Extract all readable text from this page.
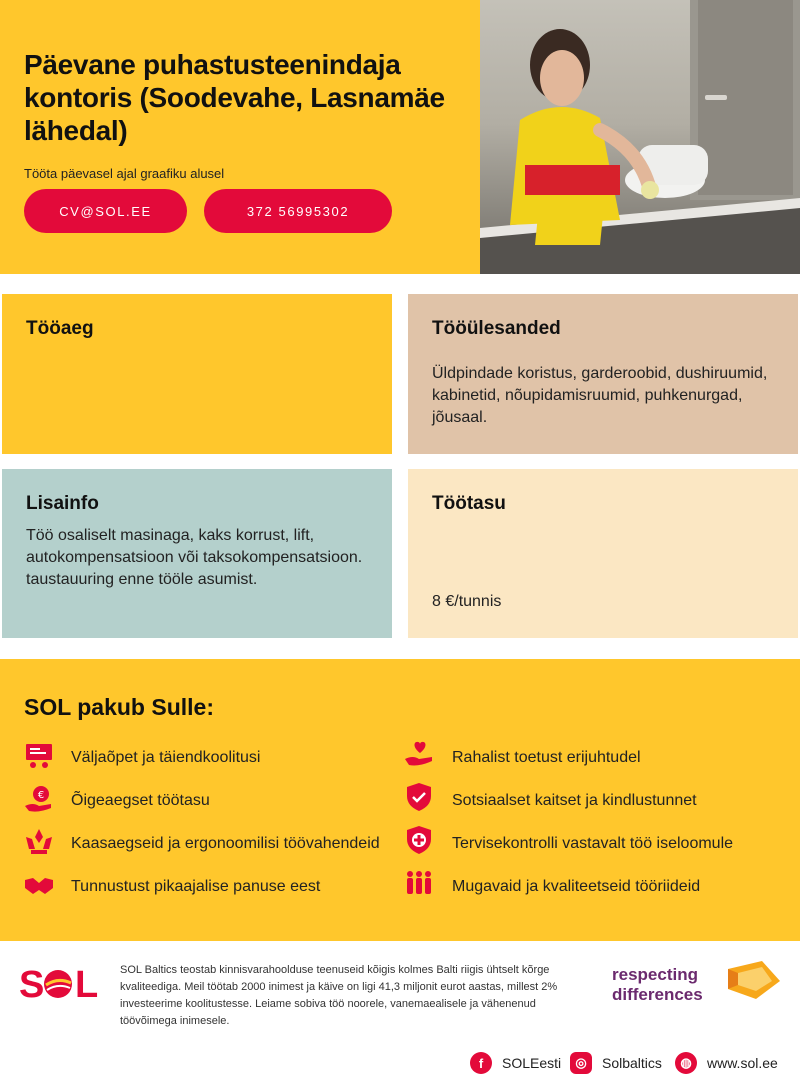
Päevane puhastusteenindaja kontoris (Soodevahe, Lasnamäe lähedal)
Tööta päevasel ajal graafiku alusel
CV@SOL.EE	372 56995302
Tööaeg	Tööülesanded

Üldpindade koristus, garderoobid, dushiruumid, kabinetid, nõupidamisruumid, puhkenurgad, jõusaal.

Lisainfo

Töö osaliselt masinaga, kaks korrust, lift, autokompensatsioon või taksokompensatsioon. taustauuring enne tööle asumist.

Töötasu

8 €/tunnis

SOL pakub Sulle:
Väljaõpet ja täiendkoolitusi
€ Õigeaegset töötasu
Kaasaegseid ja ergonoomilisi töövahendeid
Tunnustust pikaajalise panuse eest
Rahalist toetust erijuhtudel
Sotsiaalset kaitset ja kindlustunnet
Tervisekontrolli vastavalt töö iseloomule
Mugavaid ja kvaliteetseid tööriideid
S L SOL Baltics teostab kinnisvarahoolduse teenuseid kõigis kolmes Balti riigis ühtselt kõrge kvaliteediga. Meil töötab 2000 inimest ja käive on ligi 41,3 miljonit eurot aastas, millest 2% investeerime koolitustesse. Leiame sobiva töö noorele, vanemaealisele ja vähenenud töövõimega inimesele.
respecting
differences
f	SOLEesti	◎	Solbaltics	◍	www.sol.ee
